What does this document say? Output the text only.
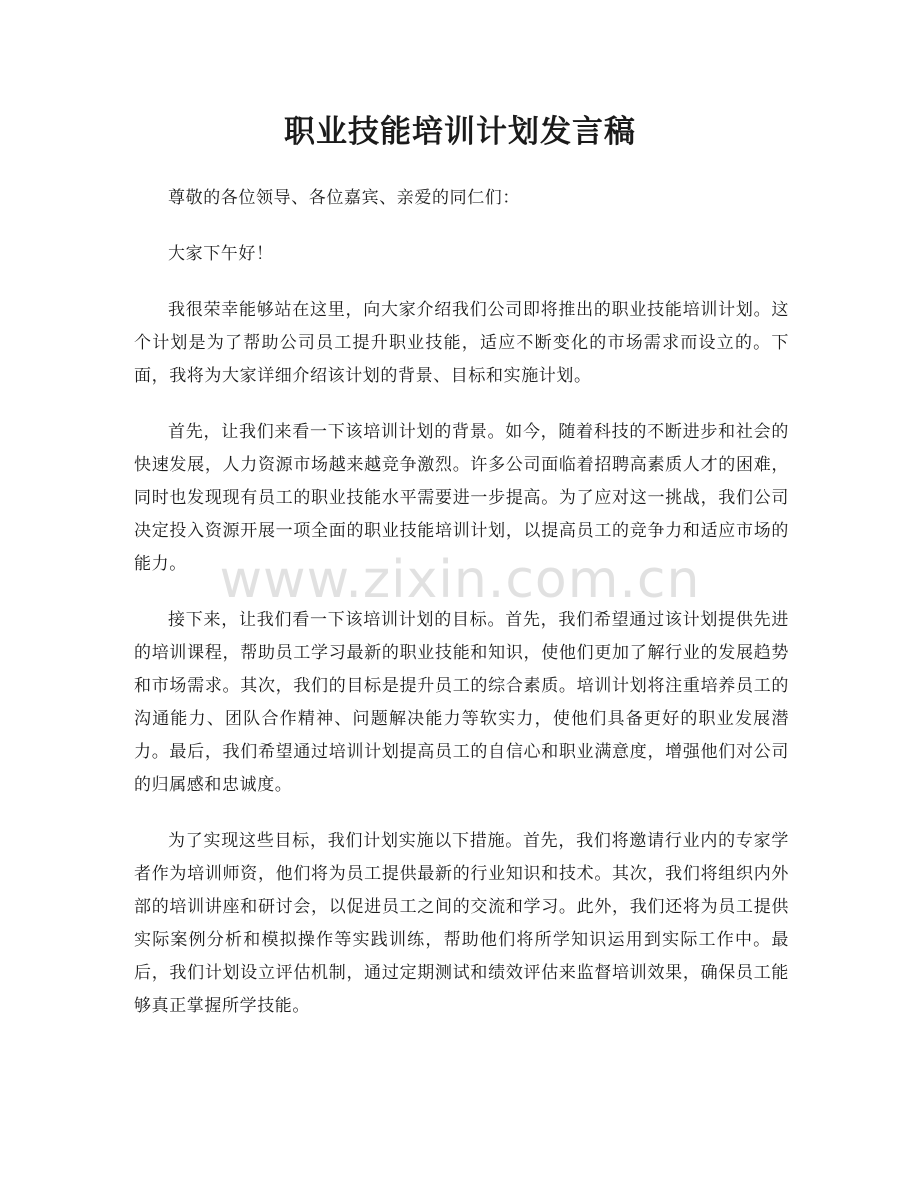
职业技能培训计划发言稿

尊敬的各位领导、各位嘉宾、亲爱的同仁们：

大家下午好！

我很荣幸能够站在这里，向大家介绍我们公司即将推出的职业技能培训计划。这个计划是为了帮助公司员工提升职业技能，适应不断变化的市场需求而设立的。下面，我将为大家详细介绍该计划的背景、目标和实施计划。

首先，让我们来看一下该培训计划的背景。如今，随着科技的不断进步和社会的快速发展，人力资源市场越来越竞争激烈。许多公司面临着招聘高素质人才的困难，同时也发现现有员工的职业技能水平需要进一步提高。为了应对这一挑战，我们公司决定投入资源开展一项全面的职业技能培训计划，以提高员工的竞争力和适应市场的能力。

接下来，让我们看一下该培训计划的目标。首先，我们希望通过该计划提供先进的培训课程，帮助员工学习最新的职业技能和知识，使他们更加了解行业的发展趋势和市场需求。其次，我们的目标是提升员工的综合素质。培训计划将注重培养员工的沟通能力、团队合作精神、问题解决能力等软实力，使他们具备更好的职业发展潜力。最后，我们希望通过培训计划提高员工的自信心和职业满意度，增强他们对公司的归属感和忠诚度。

为了实现这些目标，我们计划实施以下措施。首先，我们将邀请行业内的专家学者作为培训师资，他们将为员工提供最新的行业知识和技术。其次，我们将组织内外部的培训讲座和研讨会，以促进员工之间的交流和学习。此外，我们还将为员工提供实际案例分析和模拟操作等实践训练，帮助他们将所学知识运用到实际工作中。最后，我们计划设立评估机制，通过定期测试和绩效评估来监督培训效果，确保员工能够真正掌握所学技能。

www.zixin.com.cn
